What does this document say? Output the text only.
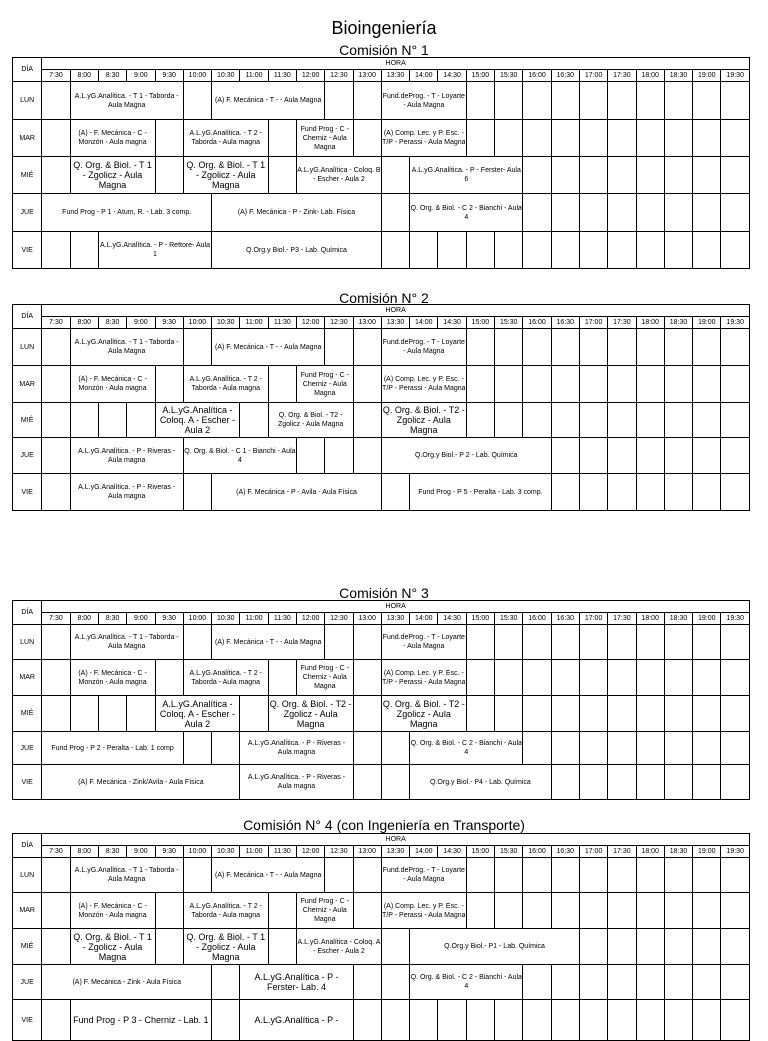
Bioingeniería
Comisión N° 1
DÍA	HORA																								
	7:30	8:00	8:30	9:00	9:30	10:00	10:30	11:00	11:30	12:00	12:30	13:00	13:30	14:00	14:30	15:00	15:30	16:00	16:30	17:00	17:30	18:00	18:30	19:00	19:30
LUN		A.L.yG.Analítica. - T 1 - Taborda - Aula Magna					(A) F. Mecánica - T - - Aula Magna						Fund.deProg. - T - Loyarte - Aula Magna												
MAR		(A) - F. Mecánica - C - Monzón - Aula magna				A.L.yG.Analítica. - T 2 - Taborda - Aula magna				Fund Prog - C - Cherniz - Aula Magna			(A) Comp. Lec. y P. Esc. - T/P - Perassi - Aula Magna												
MIÉ		Q. Org. & Biol. - T 1 - Zgolicz - Aula Magna				Q. Org. & Biol. - T 1 - Zgolicz - Aula Magna				A.L.yG.Analítica - Coloq. B - Escher - Aula 2				A.L.yG.Analítica. - P - Ferster- Aula 6											
JUE	Fund Prog - P 1 - Atum, R. - Lab. 3 comp.						(A) F. Mecánica - P - Zink- Lab. Física							Q. Org. & Biol. - C 2 - Bianchi - Aula 4											
VIE			A.L.yG.Analítica. - P - Rettore- Aula 1				Q.Org.y Biol.- P3 - Lab. Química																		
Comisión N° 2
DÍA	HORA																								
	7:30	8:00	8:30	9:00	9:30	10:00	10:30	11:00	11:30	12:00	12:30	13:00	13:30	14:00	14:30	15:00	15:30	16:00	16:30	17:00	17:30	18:00	18:30	19:00	19:30
LUN		A.L.yG.Analítica. - T 1 - Taborda - Aula Magna					(A) F. Mecánica - T - - Aula Magna						Fund.deProg. - T - Loyarte - Aula Magna												
MAR		(A) - F. Mecánica - C - Monzón - Aula magna				A.L.yG.Analítica. - T 2 - Taborda - Aula magna				Fund Prog - C - Cherniz - Aula Magna			(A) Comp. Lec. y P. Esc. - T/P - Perassi - Aula Magna												
MIÉ					A.L.yG.Analítica - Coloq. A - Escher - Aula 2				Q. Org. & Biol. - T2 - Zgolicz - Aula Magna				Q. Org. & Biol. - T2 - Zgolicz - Aula Magna												
JUE		A.L.yG.Analítica. - P - Riveras - Aula magna				Q. Org. & Biol. - C 1 - Bianchi - Aula 4							Q.Org.y Biol.- P 2 - Lab. Química												
VIE		A.L.yG.Analítica. - P - Riveras - Aula magna					(A) F. Mecánica - P - Avila - Aula Física							Fund Prog - P 5 - Peralta - Lab. 3 comp.											
Comisión N° 3
DÍA	HORA																								
	7:30	8:00	8:30	9:00	9:30	10:00	10:30	11:00	11:30	12:00	12:30	13:00	13:30	14:00	14:30	15:00	15:30	16:00	16:30	17:00	17:30	18:00	18:30	19:00	19:30
LUN		A.L.yG.Analítica. - T 1 - Taborda - Aula Magna					(A) F. Mecánica - T - - Aula Magna						Fund.deProg. - T - Loyarte - Aula Magna												
MAR		(A) - F. Mecánica - C - Monzón - Aula magna				A.L.yG.Analítica. - T 2 - Taborda - Aula magna				Fund Prog - C - Cherniz - Aula Magna			(A) Comp. Lec. y P. Esc. - T/P - Perassi - Aula Magna												
MIÉ					A.L.yG.Analítica - Coloq. A - Escher - Aula 2				Q. Org. & Biol. - T2 - Zgolicz - Aula Magna				Q. Org. & Biol. - T2 - Zgolicz - Aula Magna												
JUE	Fund Prog - P 2 - Peralta - Lab. 1 comp							A.L.yG.Analítica. - P - Riveras - Aula magna						Q. Org. & Biol. - C 2 - Bianchi - Aula 4											
VIE	(A) F. Mecánica - Zink/Avila - Aula Física							A.L.yG.Analítica. - P - Riveras - Aula magna						Q.Org.y Biol.- P4 - Lab. Química											
Comisión N° 4 (con Ingeniería en Transporte)
DÍA	HORA																								
	7:30	8:00	8:30	9:00	9:30	10:00	10:30	11:00	11:30	12:00	12:30	13:00	13:30	14:00	14:30	15:00	15:30	16:00	16:30	17:00	17:30	18:00	18:30	19:00	19:30
LUN		A.L.yG.Analítica. - T 1 - Taborda - Aula Magna					(A) F. Mecánica - T - - Aula Magna						Fund.deProg. - T - Loyarte - Aula Magna												
MAR		(A) - F. Mecánica - C - Monzón - Aula magna				A.L.yG.Analítica. - T 2 - Taborda - Aula magna				Fund Prog - C - Cherniz - Aula Magna			(A) Comp. Lec. y P. Esc. - T/P - Perassi - Aula Magna												
MIÉ		Q. Org. & Biol. - T 1 - Zgolicz - Aula Magna				Q. Org. & Biol. - T 1 - Zgolicz - Aula Magna				A.L.yG.Analítica - Coloq. A - Escher - Aula 2				Q.Org.y Biol.- P1 - Lab. Química											
JUE	(A) F. Mecánica - Zink - Aula Física							A.L.yG.Analítica - P - Ferster- Lab. 4						Q. Org. & Biol. - C 2 - Bianchi - Aula 4											
VIE		Fund Prog - P 3 - Cherniz - Lab. 1						A.L.yG.Analítica - P -																	
